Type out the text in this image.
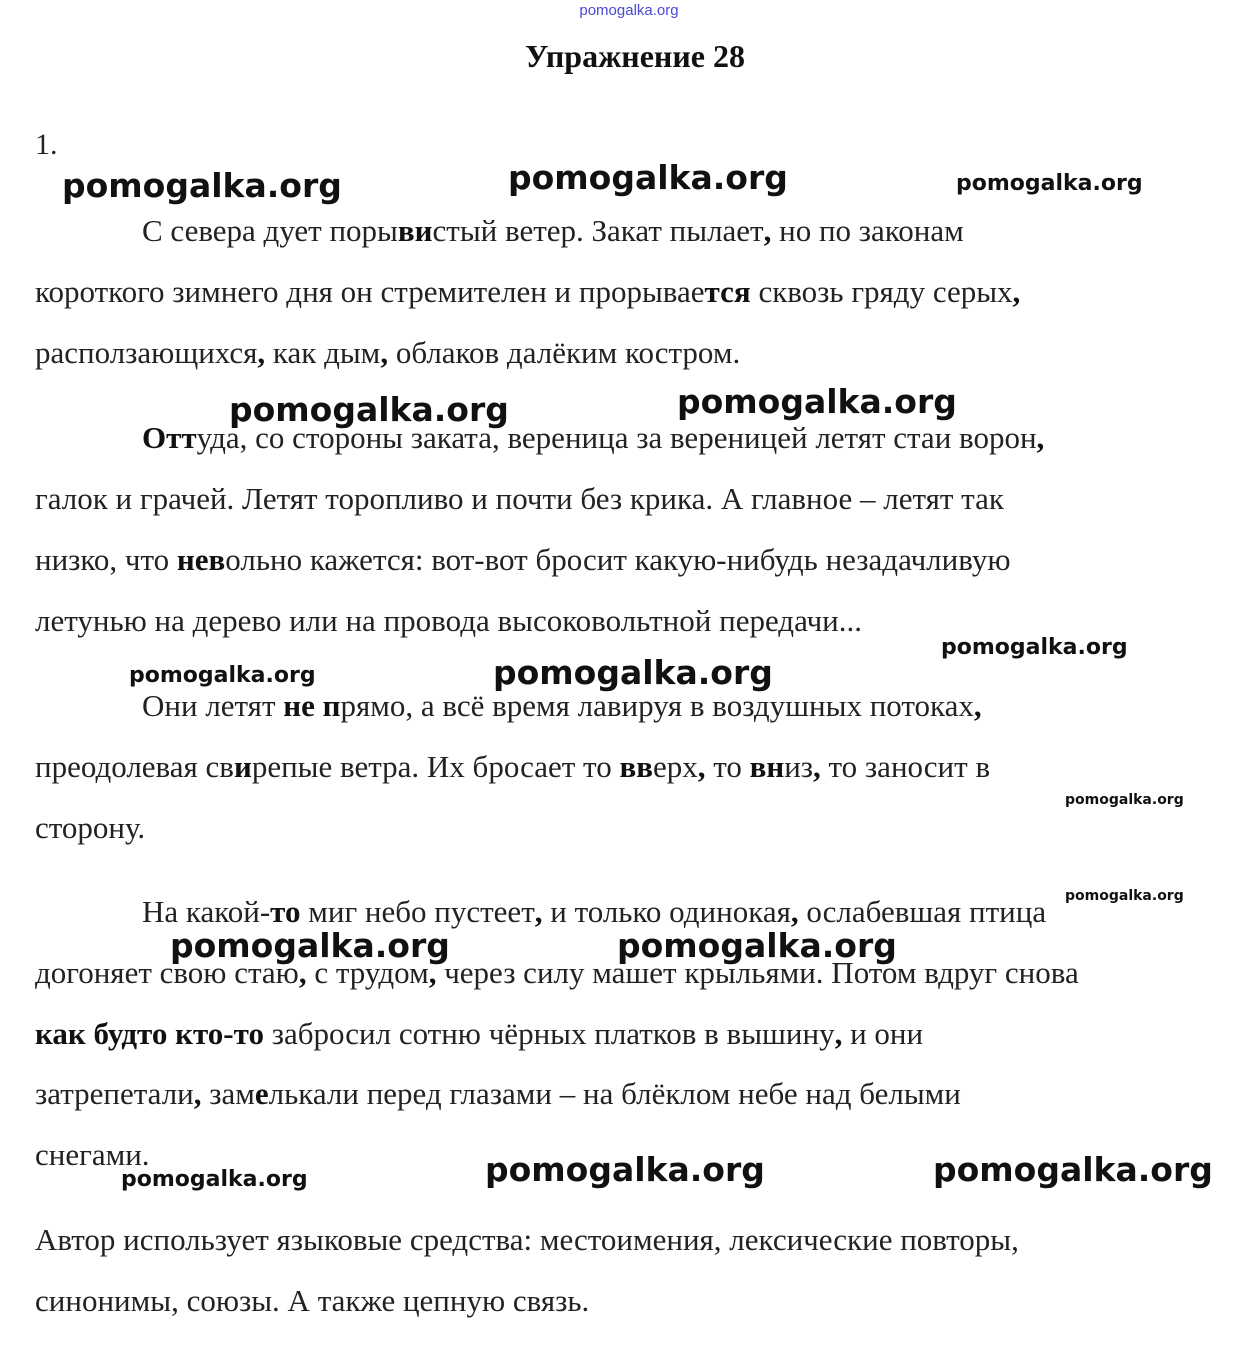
pomogalka.org
Упражнение 28
1.
С севера дует порывистый ветер. Закат пылает, но по законам
короткого зимнего дня он стремителен и прорывается сквозь гряду серых,
расползающихся, как дым, облаков далёким костром.
Оттуда, со стороны заката, вереница за вереницей летят стаи ворон,
галок и грачей. Летят торопливо и почти без крика. А главное – летят так
низко, что невольно кажется: вот-вот бросит какую-нибудь незадачливую
летунью на дерево или на провода высоковольтной передачи...
Они летят не прямо, а всё время лавируя в воздушных потоках,
преодолевая свирепые ветра. Их бросает то вверх, то вниз, то заносит в
сторону.
На какой-то миг небо пустеет, и только одинокая, ослабевшая птица
догоняет свою стаю, с трудом, через силу машет крыльями. Потом вдруг снова
как будто кто-то забросил сотню чёрных платков в вышину, и они
затрепетали, замелькали перед глазами – на блёклом небе над белыми
снегами.
Автор использует языковые средства: местоимения, лексические повторы,
синонимы, союзы. А также цепную связь.
pomogalka.org	pomogalka.org	pomogalka.org
pomogalka.org	pomogalka.org
pomogalka.org	pomogalka.org
pomogalka.org
pomogalka.org
pomogalka.org
pomogalka.org	pomogalka.org
pomogalka.org	pomogalka.org	pomogalka.org
